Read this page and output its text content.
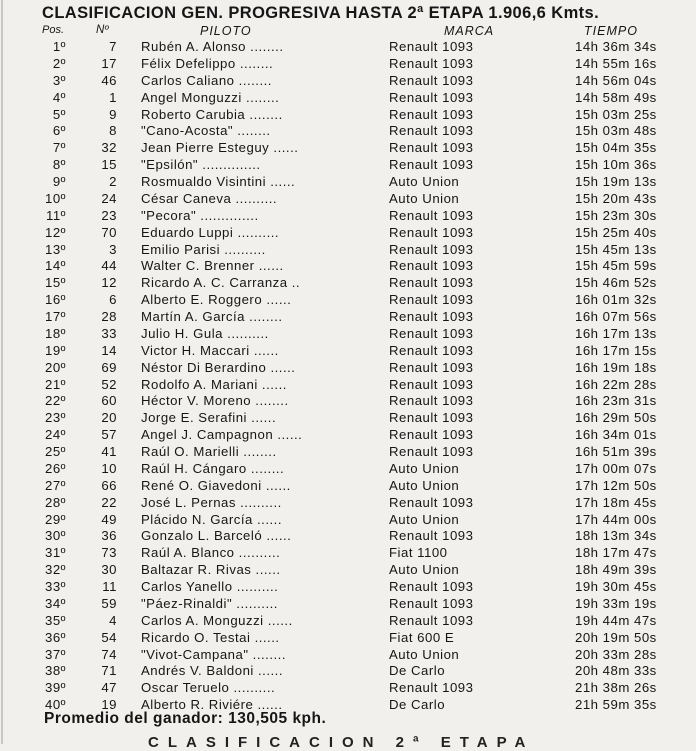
CLASIFICACION GEN. PROGRESIVA HASTA 2ª ETAPA 1.906,6 Kmts.
Pos.	Nº	PILOTO	MARCA	TIEMPO
1º	7 Rubén A. Alonso ........	Renault 1093	14h 36m 34s
2º	17 Félix Defelippo ........	Renault 1093	14h 55m 16s
3º	46 Carlos Caliano ........	Renault 1093	14h 56m 04s
4º	1 Angel Monguzzi ........	Renault 1093	14h 58m 49s
5º	9 Roberto Carubia ........	Renault 1093	15h 03m 25s
6º	8 "Cano-Acosta" ........	Renault 1093	15h 03m 48s
7º	32 Jean Pierre Esteguy ......	Renault 1093	15h 04m 35s
8º	15 "Epsilón" ..............	Renault 1093	15h 10m 36s
9º	2 Rosmualdo Visintini ......	Auto Union	15h 19m 13s
10º	24 César Caneva ..........	Auto Union	15h 20m 43s
11º	23 "Pecora" ..............	Renault 1093	15h 23m 30s
12º	70 Eduardo Luppi ..........	Renault 1093	15h 25m 40s
13º	3 Emilio Parisi ..........	Renault 1093	15h 45m 13s
14º	44 Walter C. Brenner ......	Renault 1093	15h 45m 59s
15º	12 Ricardo A. C. Carranza ..	Renault 1093	15h 46m 52s
16º	6 Alberto E. Roggero ......	Renault 1093	16h 01m 32s
17º	28 Martín A. García ........	Renault 1093	16h 07m 56s
18º	33 Julio H. Gula ..........	Renault 1093	16h 17m 13s
19º	14 Victor H. Maccari ......	Renault 1093	16h 17m 15s
20º	69 Néstor Di Berardino ......	Renault 1093	16h 19m 18s
21º	52 Rodolfo A. Mariani ......	Renault 1093	16h 22m 28s
22º	60 Héctor V. Moreno ........	Renault 1093	16h 23m 31s
23º	20 Jorge E. Serafini ......	Renault 1093	16h 29m 50s
24º	57 Angel J. Campagnon ......	Renault 1093	16h 34m 01s
25º	41 Raúl O. Marielli ........	Renault 1093	16h 51m 39s
26º	10 Raúl H. Cángaro ........	Auto Union	17h 00m 07s
27º	66 René O. Giavedoni ......	Auto Union	17h 12m 50s
28º	22 José L. Pernas ..........	Renault 1093	17h 18m 45s
29º	49 Plácido N. García ......	Auto Union	17h 44m 00s
30º	36 Gonzalo L. Barceló ......	Renault 1093	18h 13m 34s
31º	73 Raúl A. Blanco ..........	Fiat 1100	18h 17m 47s
32º	30 Baltazar R. Rivas ......	Auto Union	18h 49m 39s
33º	11 Carlos Yanello ..........	Renault 1093	19h 30m 45s
34º	59 "Páez-Rinaldi" ..........	Renault 1093	19h 33m 19s
35º	4 Carlos A. Monguzzi ......	Renault 1093	19h 44m 47s
36º	54 Ricardo O. Testai ......	Fiat 600 E	20h 19m 50s
37º	74 "Vivot-Campana" ........	Auto Union	20h 33m 28s
38º	71 Andrés V. Baldoni ......	De Carlo	20h 48m 33s
39º	47 Oscar Teruelo ..........	Renault 1093	21h 38m 26s
40º	19 Alberto R. Riviére ......	De Carlo	21h 59m 35s
Promedio del ganador: 130,505 kph.
CLASIFICACION 2ª ETAPA
